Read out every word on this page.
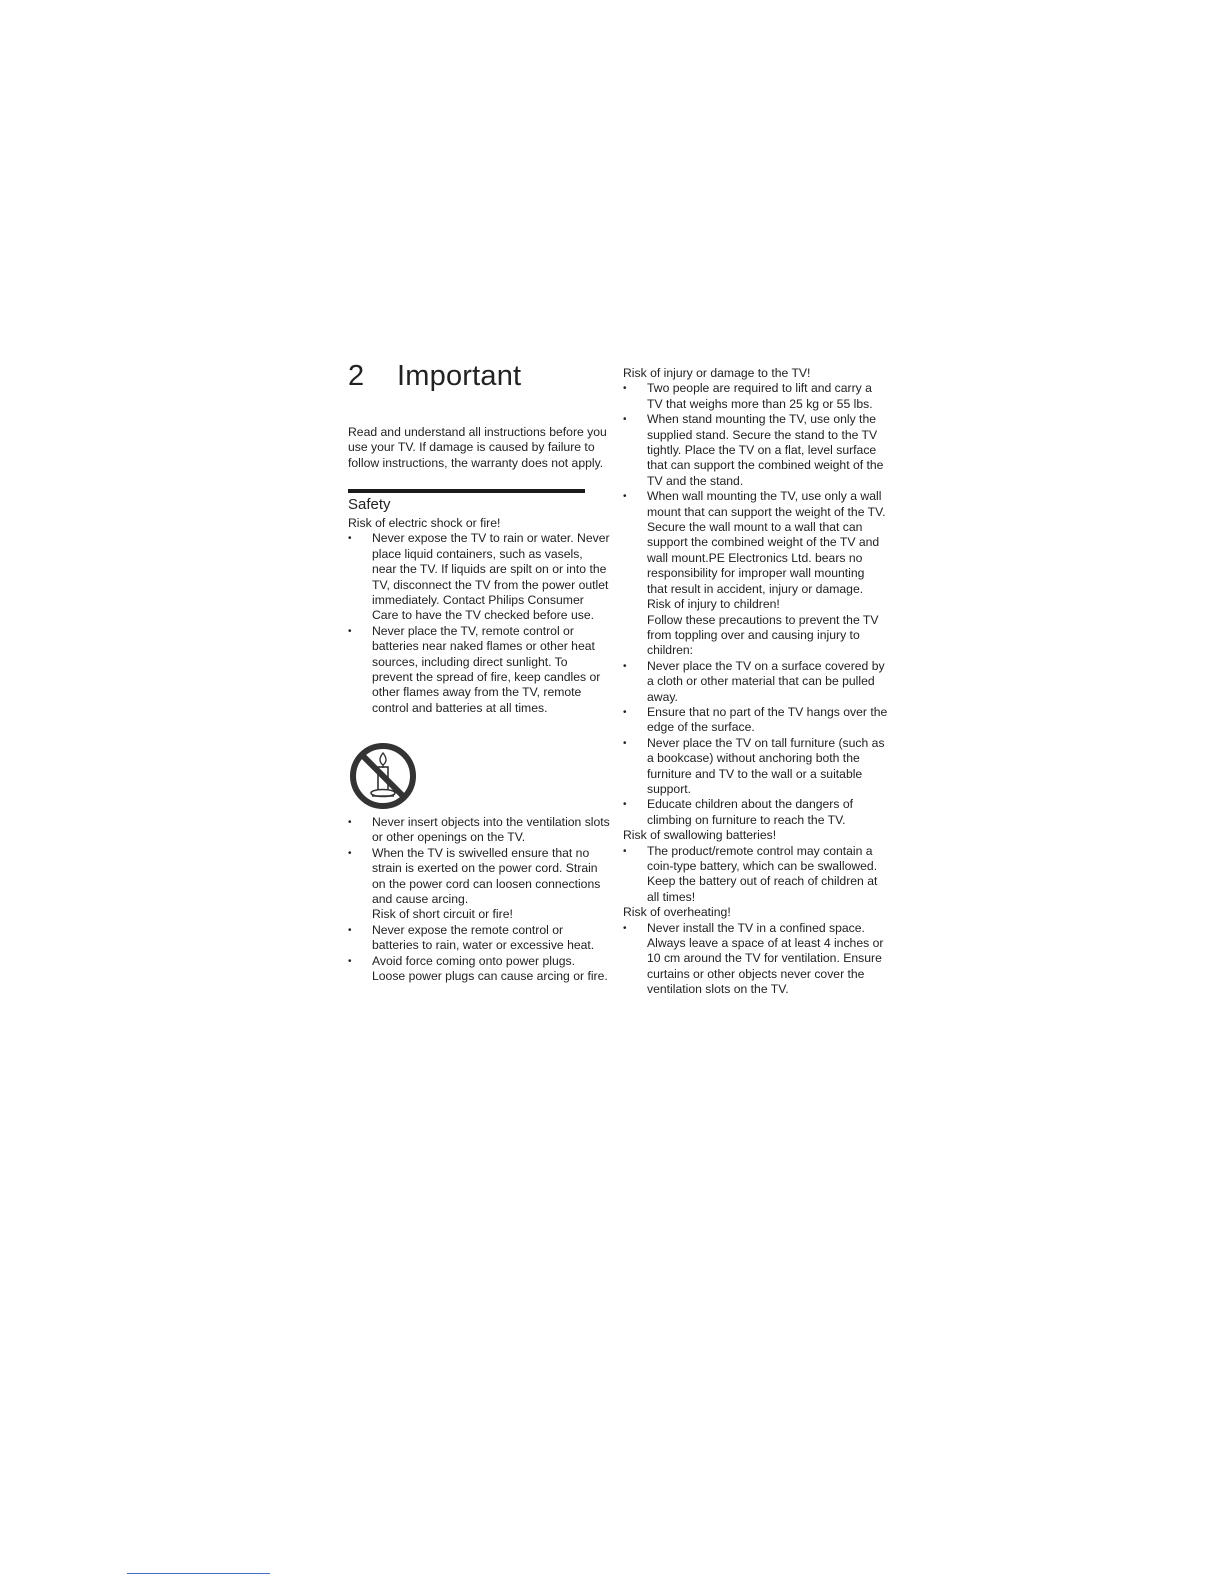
2 Important

Read and understand all instructions before you use your TV. If damage is caused by failure to follow instructions, the warranty does not apply.

Safety

Risk of electric shock or fire!

• Never expose the TV to rain or water. Never place liquid containers, such as vasels, near the TV. If liquids are spilt on or into the TV, disconnect the TV from the power outlet immediately. Contact Philips Consumer Care to have the TV checked before use.
• Never place the TV, remote control or batteries near naked flames or other heat sources, including direct sunlight. To prevent the spread of fire, keep candles or other flames away from the TV, remote control and batteries at all times.
• Never insert objects into the ventilation slots or other openings on the TV.
• When the TV is swivelled ensure that no strain is exerted on the power cord. Strain on the power cord can loosen connections and cause arcing.

Risk of short circuit or fire!

• Never expose the remote control or batteries to rain, water or excessive heat.
• Avoid force coming onto power plugs. Loose power plugs can cause arcing or fire.

Risk of injury or damage to the TV!

• Two people are required to lift and carry a TV that weighs more than 25 kg or 55 lbs.
• When stand mounting the TV, use only the supplied stand. Secure the stand to the TV tightly. Place the TV on a flat, level surface that can support the combined weight of the TV and the stand.
• When wall mounting the TV, use only a wall mount that can support the weight of the TV. Secure the wall mount to a wall that can support the combined weight of the TV and wall mount.PE Electronics Ltd. bears no responsibility for improper wall mounting that result in accident, injury or damage.

Risk of injury to children!

Follow these precautions to prevent the TV from toppling over and causing injury to children:

• Never place the TV on a surface covered by a cloth or other material that can be pulled away.
• Ensure that no part of the TV hangs over the edge of the surface.
• Never place the TV on tall furniture (such as a bookcase) without anchoring both the furniture and TV to the wall or a suitable support.
• Educate children about the dangers of climbing on furniture to reach the TV.

Risk of swallowing batteries!

• The product/remote control may contain a coin-type battery, which can be swallowed. Keep the battery out of reach of children at all times!

Risk of overheating!

• Never install the TV in a confined space. Always leave a space of at least 4 inches or 10 cm around the TV for ventilation. Ensure curtains or other objects never cover the ventilation slots on the TV.
